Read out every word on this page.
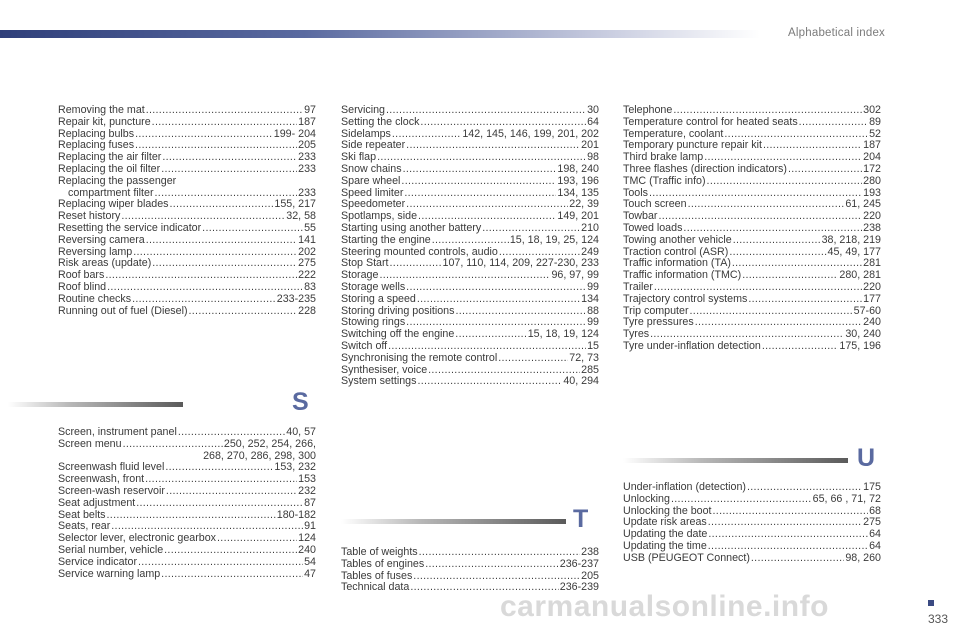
Alphabetical index
Removing the mat .....	97
Repair kit, puncture .....	187
Replacing bulbs .....	199- 204
Replacing fuses .....	205
Replacing the air filter .....	233
Replacing the oil filter .....	233
Replacing the passenger
compartment filter .....	233
Replacing wiper blades .....	155, 217
Reset history .....	32, 58
Resetting the service indicator .....	55
Reversing camera .....	141
Reversing lamp .....	202
Risk areas (update) .....	275
Roof bars .....	222
Roof blind .....	83
Routine checks .....	233-235
Running out of fuel (Diesel) .....	228
S
Screen, instrument panel .....	40, 57
Screen menu .....	250, 252, 254, 266,
268, 270, 286, 298, 300
Screenwash fluid level .....	153, 232
Screenwash, front .....	153
Screen-wash reservoir .....	232
Seat adjustment .....	87
Seat belts .....	180-182
Seats, rear .....	91
Selector lever, electronic gearbox .....	124
Serial number, vehicle .....	240
Service indicator .....	54
Service warning lamp .....	47
Servicing .....	30
Setting the clock .....	64
Sidelamps .....	142, 145, 146, 199, 201, 202
Side repeater .....	201
Ski flap .....	98
Snow chains .....	198, 240
Spare wheel .....	193, 196
Speed limiter .....	134, 135
Speedometer .....	22, 39
Spotlamps, side .....	149, 201
Starting using another battery .....	210
Starting the engine .....	15, 18, 19, 25, 124
Steering mounted controls, audio .....	249
Stop Start .....	107, 110, 114, 209, 227-230, 233
Storage .....	96, 97, 99
Storage wells .....	99
Storing a speed .....	134
Storing driving positions .....	88
Stowing rings .....	99
Switching off the engine .....	15, 18, 19, 124
Switch off .....	15
Synchronising the remote control .....	72, 73
Synthesiser, voice .....	285
System settings .....	40, 294
T
Table of weights .....	238
Tables of engines .....	236-237
Tables of fuses .....	205
Technical data .....	236-239
Telephone .....	302
Temperature control for heated seats .....	89
Temperature, coolant .....	52
Temporary puncture repair kit .....	187
Third brake lamp .....	204
Three flashes (direction indicators) .....	172
TMC (Traffic info) .....	280
Tools .....	193
Touch screen .....	61, 245
Towbar .....	220
Towed loads .....	238
Towing another vehicle .....	38, 218, 219
Traction control (ASR) .....	45, 49, 177
Traffic information (TA) .....	281
Traffic information (TMC) .....	280, 281
Trailer .....	220
Trajectory control systems .....	177
Trip computer .....	57-60
Tyre pressures .....	240
Tyres .....	30, 240
Tyre under-inflation detection .....	175, 196
U
Under-inflation (detection) .....	175
Unlocking .....	65, 66 , 71, 72
Unlocking the boot .....	68
Update risk areas .....	275
Updating the date .....	64
Updating the time .....	64
USB (PEUGEOT Connect) .....	98, 260
carmanualsonline.info	333
